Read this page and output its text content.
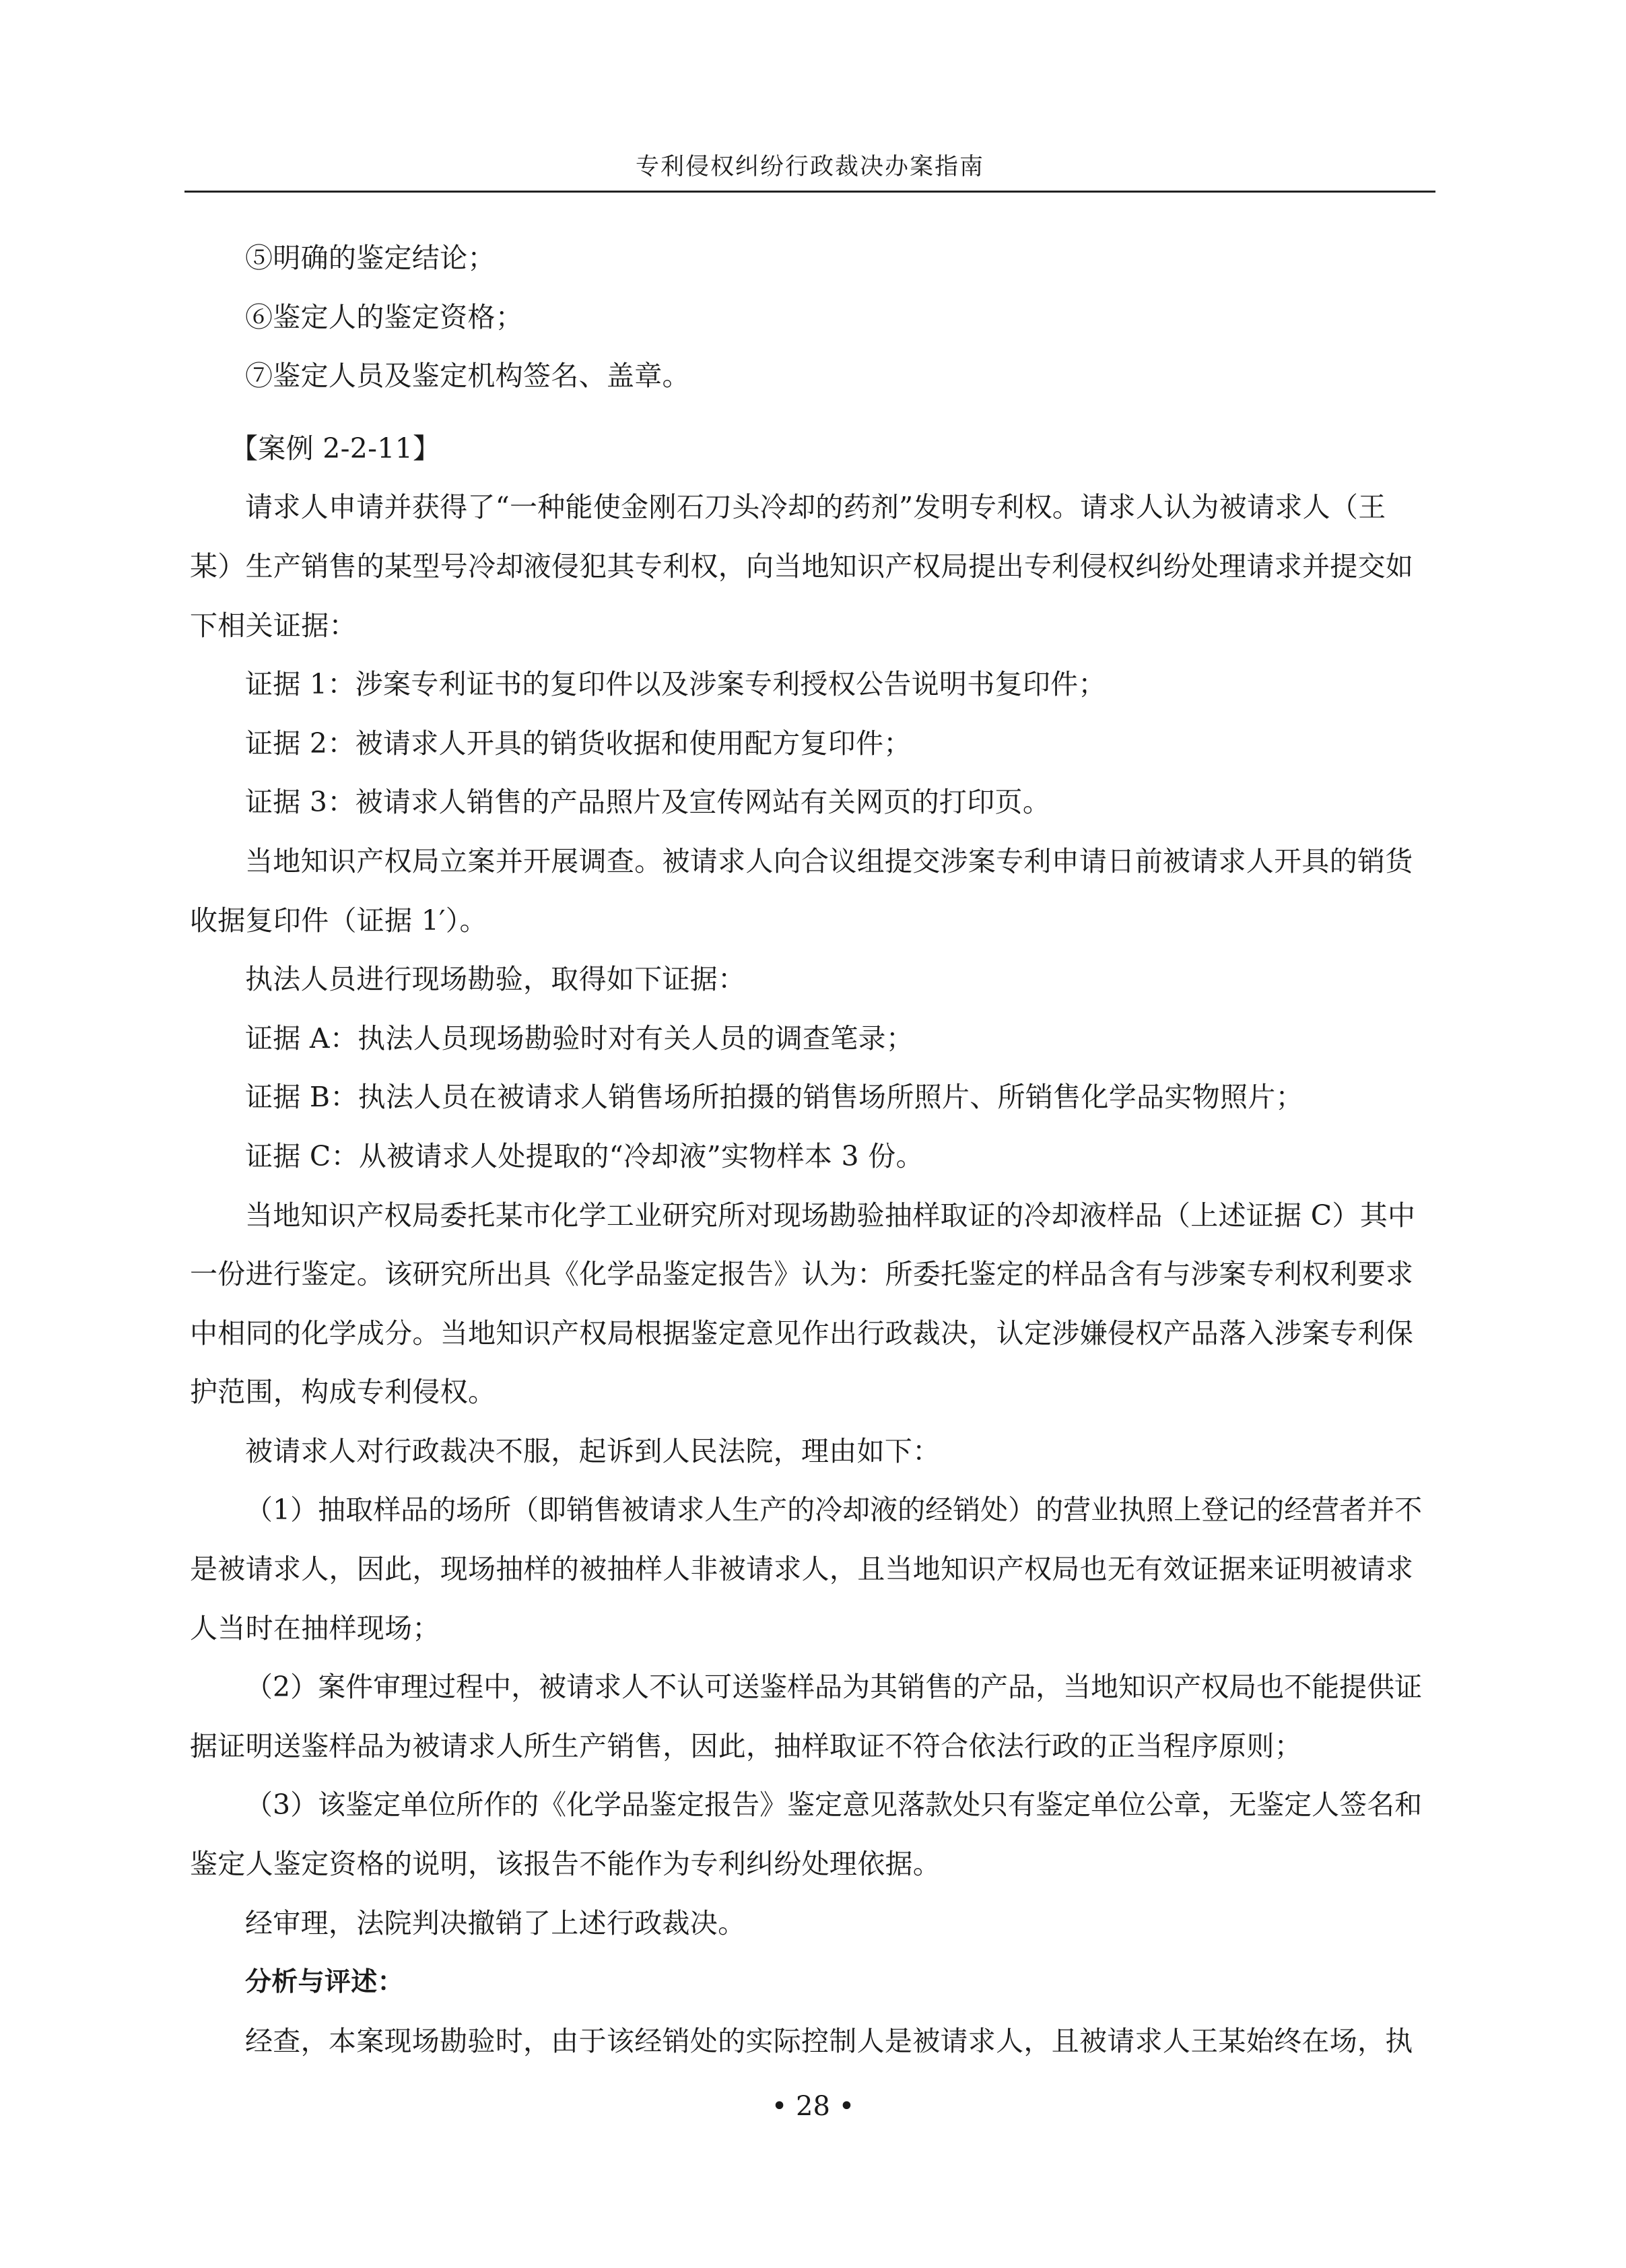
专利侵权纠纷行政裁决办案指南

⑤明确的鉴定结论；

⑥鉴定人的鉴定资格；

⑦鉴定人员及鉴定机构签名、盖章。

【案例 2-2-11】

请求人申请并获得了“一种能使金刚石刀头冷却的药剂”发明专利权。请求人认为被请求人（王

某）生产销售的某型号冷却液侵犯其专利权，向当地知识产权局提出专利侵权纠纷处理请求并提交如

下相关证据：

证据 1：涉案专利证书的复印件以及涉案专利授权公告说明书复印件；

证据 2：被请求人开具的销货收据和使用配方复印件；

证据 3：被请求人销售的产品照片及宣传网站有关网页的打印页。

当地知识产权局立案并开展调查。被请求人向合议组提交涉案专利申请日前被请求人开具的销货

收据复印件（证据 1′）。

执法人员进行现场勘验，取得如下证据：

证据 A：执法人员现场勘验时对有关人员的调查笔录；

证据 B：执法人员在被请求人销售场所拍摄的销售场所照片、所销售化学品实物照片；

证据 C：从被请求人处提取的“冷却液”实物样本 3 份。

当地知识产权局委托某市化学工业研究所对现场勘验抽样取证的冷却液样品（上述证据 C）其中

一份进行鉴定。该研究所出具《化学品鉴定报告》认为：所委托鉴定的样品含有与涉案专利权利要求

中相同的化学成分。当地知识产权局根据鉴定意见作出行政裁决，认定涉嫌侵权产品落入涉案专利保

护范围，构成专利侵权。

被请求人对行政裁决不服，起诉到人民法院，理由如下：

（1）抽取样品的场所（即销售被请求人生产的冷却液的经销处）的营业执照上登记的经营者并不

是被请求人，因此，现场抽样的被抽样人非被请求人，且当地知识产权局也无有效证据来证明被请求

人当时在抽样现场；

（2）案件审理过程中，被请求人不认可送鉴样品为其销售的产品，当地知识产权局也不能提供证

据证明送鉴样品为被请求人所生产销售，因此，抽样取证不符合依法行政的正当程序原则；

（3）该鉴定单位所作的《化学品鉴定报告》鉴定意见落款处只有鉴定单位公章，无鉴定人签名和

鉴定人鉴定资格的说明，该报告不能作为专利纠纷处理依据。

经审理，法院判决撤销了上述行政裁决。

分析与评述：

经查，本案现场勘验时，由于该经销处的实际控制人是被请求人，且被请求人王某始终在场，执

• 28 •
